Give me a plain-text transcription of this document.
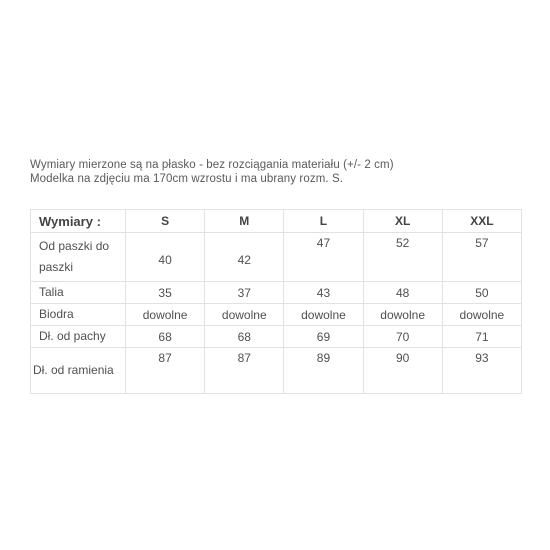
Wymiary mierzone są na płasko - bez rozciągania materiału (+/- 2 cm)
Modelka na zdjęciu ma 170cm wzrostu i ma ubrany rozm. S.
Wymiary :	S	M	L	XL	XXL
Od paszki do paszki	40	42	47	52	57
Talia	35	37	43	48	50
Biodra	dowolne	dowolne	dowolne	dowolne	dowolne
Dł. od pachy	68	68	69	70	71
Dł. od ramienia	87	87	89	90	93
